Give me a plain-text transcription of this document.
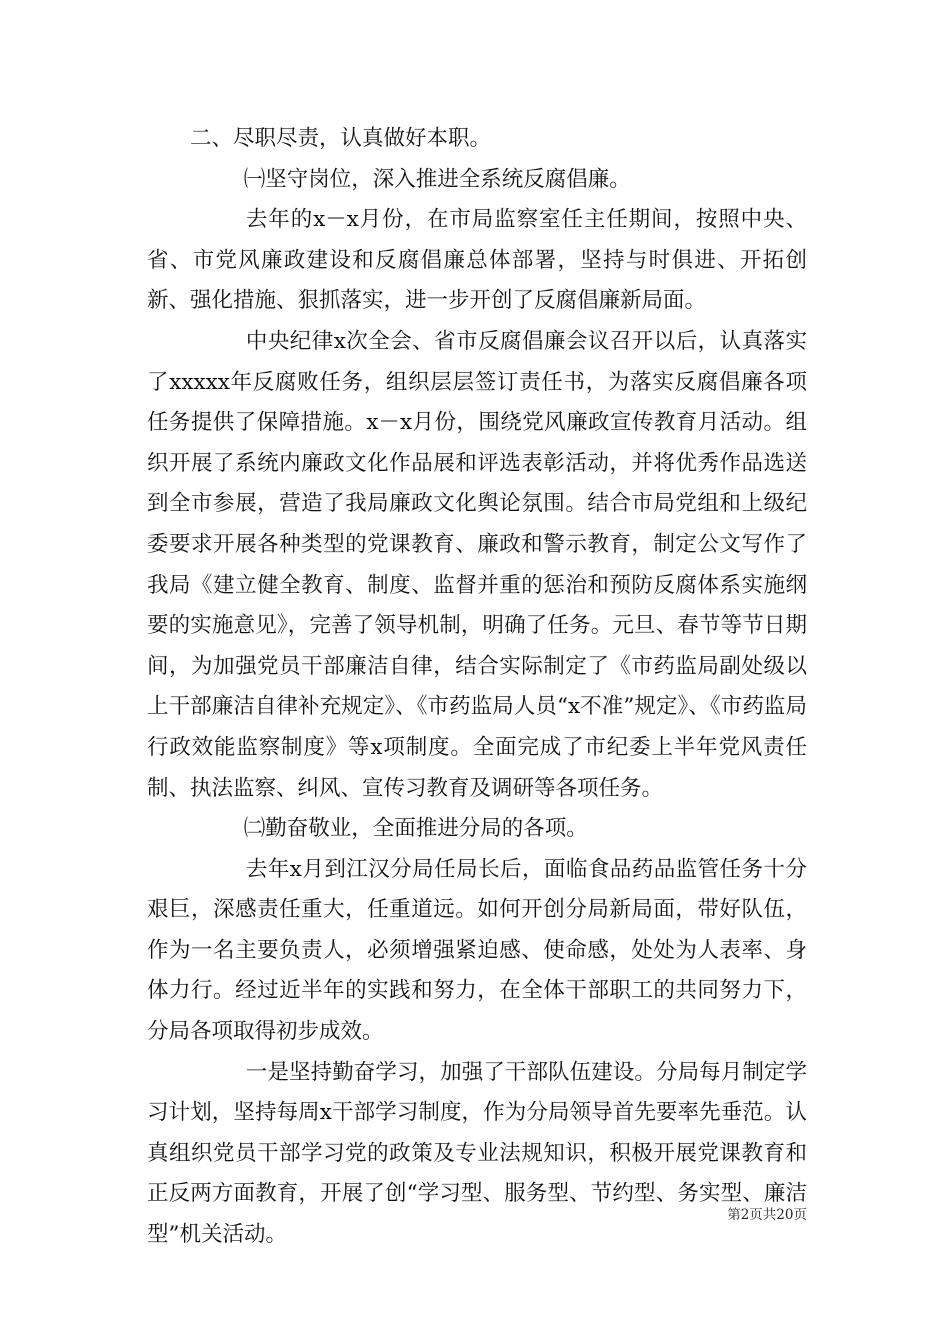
二、尽职尽责，认真做好本职。

㈠坚守岗位，深入推进全系统反腐倡廉。

去年的x－x月份，在市局监察室任主任期间，按照中央、省、市党风廉政建设和反腐倡廉总体部署，坚持与时俱进、开拓创新、强化措施、狠抓落实，进一步开创了反腐倡廉新局面。

中央纪律x次全会、省市反腐倡廉会议召开以后，认真落实了xxxxx年反腐败任务，组织层层签订责任书，为落实反腐倡廉各项任务提供了保障措施。x－x月份，围绕党风廉政宣传教育月活动。组织开展了系统内廉政文化作品展和评选表彰活动，并将优秀作品选送到全市参展，营造了我局廉政文化舆论氛围。结合市局党组和上级纪委要求开展各种类型的党课教育、廉政和警示教育，制定公文写作了我局《建立健全教育、制度、监督并重的惩治和预防反腐体系实施纲要的实施意见》，完善了领导机制，明确了任务。元旦、春节等节日期间，为加强党员干部廉洁自律，结合实际制定了《市药监局副处级以上干部廉洁自律补充规定》、《市药监局人员“x不准”规定》、《市药监局行政效能监察制度》等x项制度。全面完成了市纪委上半年党风责任制、执法监察、纠风、宣传习教育及调研等各项任务。

㈡勤奋敬业，全面推进分局的各项。

去年x月到江汉分局任局长后，面临食品药品监管任务十分艰巨，深感责任重大，任重道远。如何开创分局新局面，带好队伍，作为一名主要负责人，必须增强紧迫感、使命感，处处为人表率、身体力行。经过近半年的实践和努力，在全体干部职工的共同努力下，分局各项取得初步成效。

一是坚持勤奋学习，加强了干部队伍建设。分局每月制定学习计划，坚持每周x干部学习制度，作为分局领导首先要率先垂范。认真组织党员干部学习党的政策及专业法规知识，积极开展党课教育和正反两方面教育，开展了创“学习型、服务型、节约型、务实型、廉洁型”机关活动。

第2页共20页
